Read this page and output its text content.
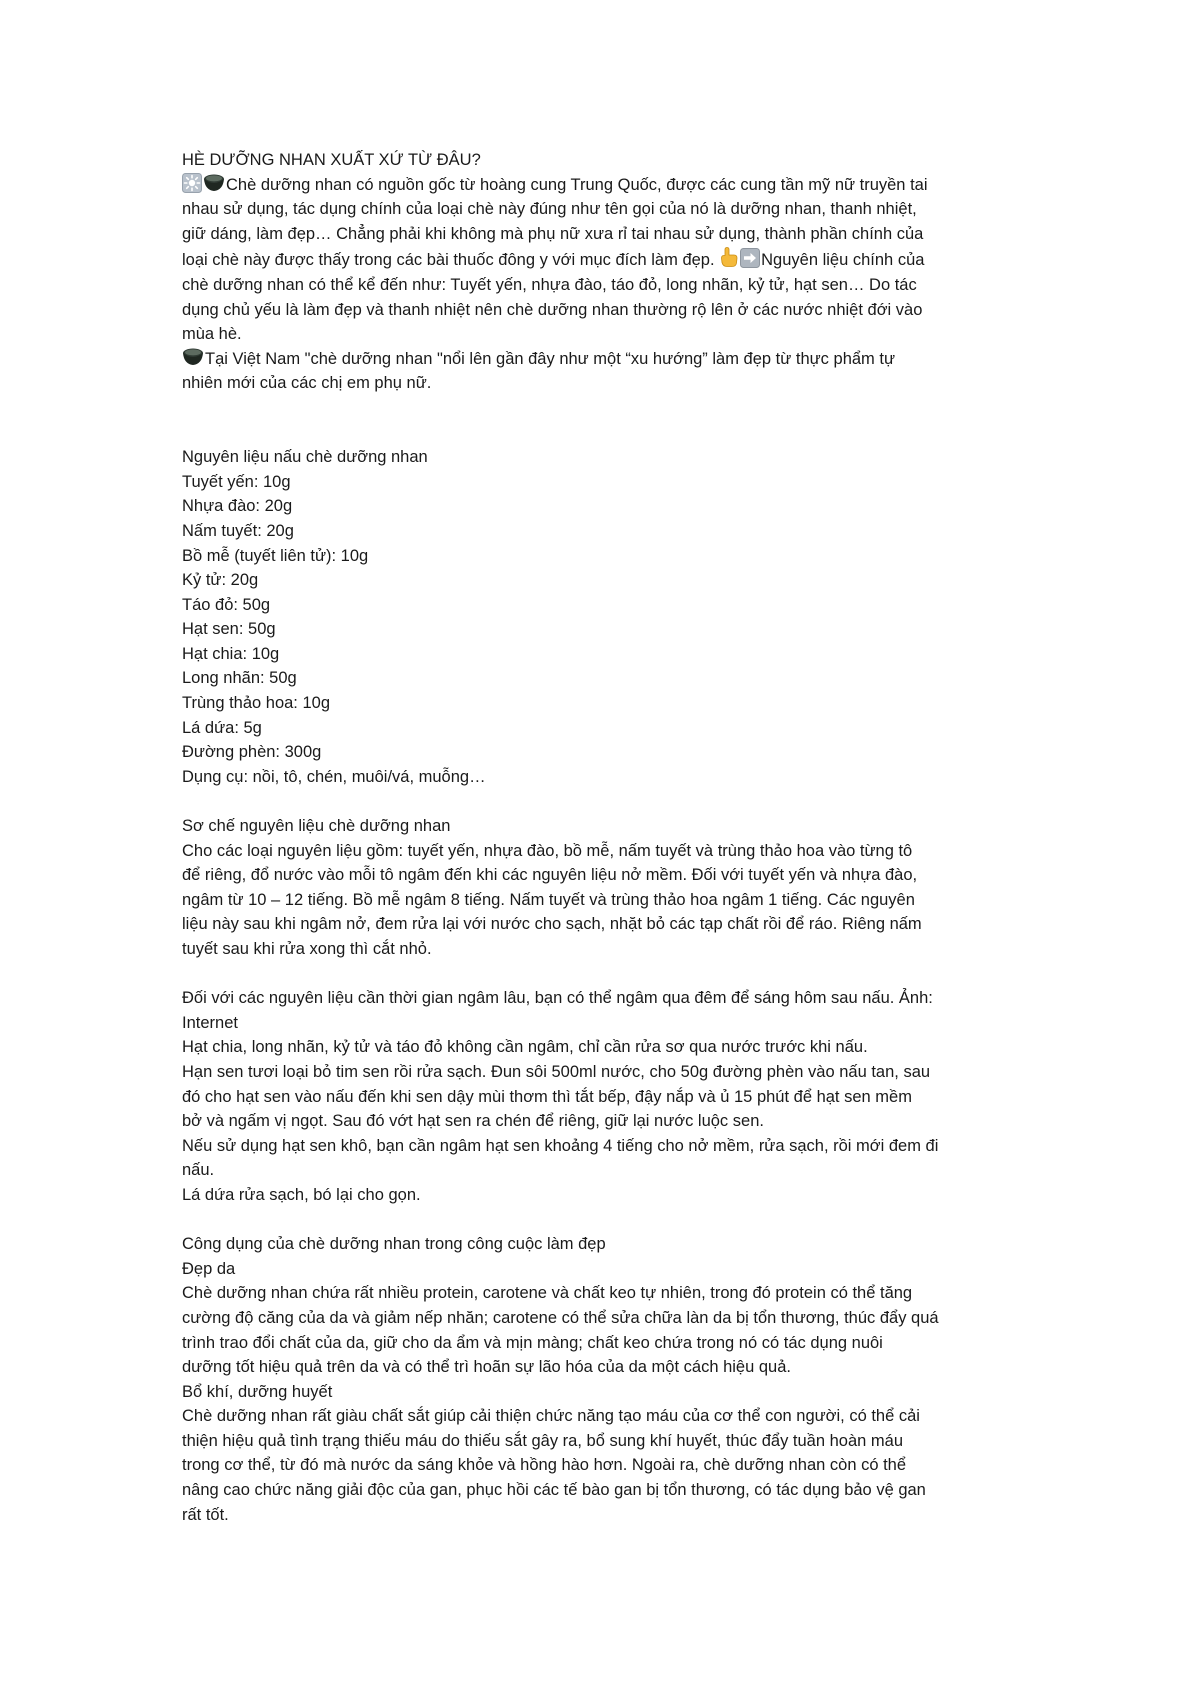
HÈ DƯỠNG NHAN XUẤT XỨ TỪ ĐÂU?
Chè dưỡng nhan có nguồn gốc từ hoàng cung Trung Quốc, được các cung tần mỹ nữ truyền tai
nhau sử dụng, tác dụng chính của loại chè này đúng như tên gọi của nó là dưỡng nhan, thanh nhiệt,
giữ dáng, làm đẹp… Chẳng phải khi không mà phụ nữ xưa rỉ tai nhau sử dụng, thành phần chính của
loại chè này được thấy trong các bài thuốc đông y với mục đích làm đẹp.	Nguyên liệu chính của
chè dưỡng nhan có thể kể đến như: Tuyết yến, nhựa đào, táo đỏ, long nhãn, kỷ tử, hạt sen… Do tác
dụng chủ yếu là làm đẹp và thanh nhiệt nên chè dưỡng nhan thường rộ lên ở các nước nhiệt đới vào
mùa hè.
Tại Việt Nam "chè dưỡng nhan "nổi lên gần đây như một “xu hướng” làm đẹp từ thực phẩm tự
nhiên mới của các chị em phụ nữ.
Nguyên liệu nấu chè dưỡng nhan
Tuyết yến: 10g
Nhựa đào: 20g
Nấm tuyết: 20g
Bồ mễ (tuyết liên tử): 10g
Kỷ tử: 20g
Táo đỏ: 50g
Hạt sen: 50g
Hạt chia: 10g
Long nhãn: 50g
Trùng thảo hoa: 10g
Lá dứa: 5g
Đường phèn: 300g
Dụng cụ: nồi, tô, chén, muôi/vá, muỗng…
Sơ chế nguyên liệu chè dưỡng nhan
Cho các loại nguyên liệu gồm: tuyết yến, nhựa đào, bồ mễ, nấm tuyết và trùng thảo hoa vào từng tô
để riêng, đổ nước vào mỗi tô ngâm đến khi các nguyên liệu nở mềm. Đối với tuyết yến và nhựa đào,
ngâm từ 10 – 12 tiếng. Bồ mễ ngâm 8 tiếng. Nấm tuyết và trùng thảo hoa ngâm 1 tiếng. Các nguyên
liệu này sau khi ngâm nở, đem rửa lại với nước cho sạch, nhặt bỏ các tạp chất rồi để ráo. Riêng nấm
tuyết sau khi rửa xong thì cắt nhỏ.
Đối với các nguyên liệu cần thời gian ngâm lâu, bạn có thể ngâm qua đêm để sáng hôm sau nấu. Ảnh:
Internet
Hạt chia, long nhãn, kỷ tử và táo đỏ không cần ngâm, chỉ cần rửa sơ qua nước trước khi nấu.
Hạn sen tươi loại bỏ tim sen rồi rửa sạch. Đun sôi 500ml nước, cho 50g đường phèn vào nấu tan, sau
đó cho hạt sen vào nấu đến khi sen dậy mùi thơm thì tắt bếp, đậy nắp và ủ 15 phút để hạt sen mềm
bở và ngấm vị ngọt. Sau đó vớt hạt sen ra chén để riêng, giữ lại nước luộc sen.
Nếu sử dụng hạt sen khô, bạn cần ngâm hạt sen khoảng 4 tiếng cho nở mềm, rửa sạch, rồi mới đem đi
nấu.
Lá dứa rửa sạch, bó lại cho gọn.
Công dụng của chè dưỡng nhan trong công cuộc làm đẹp
Đẹp da
Chè dưỡng nhan chứa rất nhiều protein, carotene và chất keo tự nhiên, trong đó protein có thể tăng
cường độ căng của da và giảm nếp nhăn; carotene có thể sửa chữa làn da bị tổn thương, thúc đẩy quá
trình trao đổi chất của da, giữ cho da ẩm và mịn màng; chất keo chứa trong nó có tác dụng nuôi
dưỡng tốt hiệu quả trên da và có thể trì hoãn sự lão hóa của da một cách hiệu quả.
Bổ khí, dưỡng huyết
Chè dưỡng nhan rất giàu chất sắt giúp cải thiện chức năng tạo máu của cơ thể con người, có thể cải
thiện hiệu quả tình trạng thiếu máu do thiếu sắt gây ra, bổ sung khí huyết, thúc đẩy tuần hoàn máu
trong cơ thể, từ đó mà nước da sáng khỏe và hồng hào hơn. Ngoài ra, chè dưỡng nhan còn có thể
nâng cao chức năng giải độc của gan, phục hồi các tế bào gan bị tổn thương, có tác dụng bảo vệ gan
rất tốt.
